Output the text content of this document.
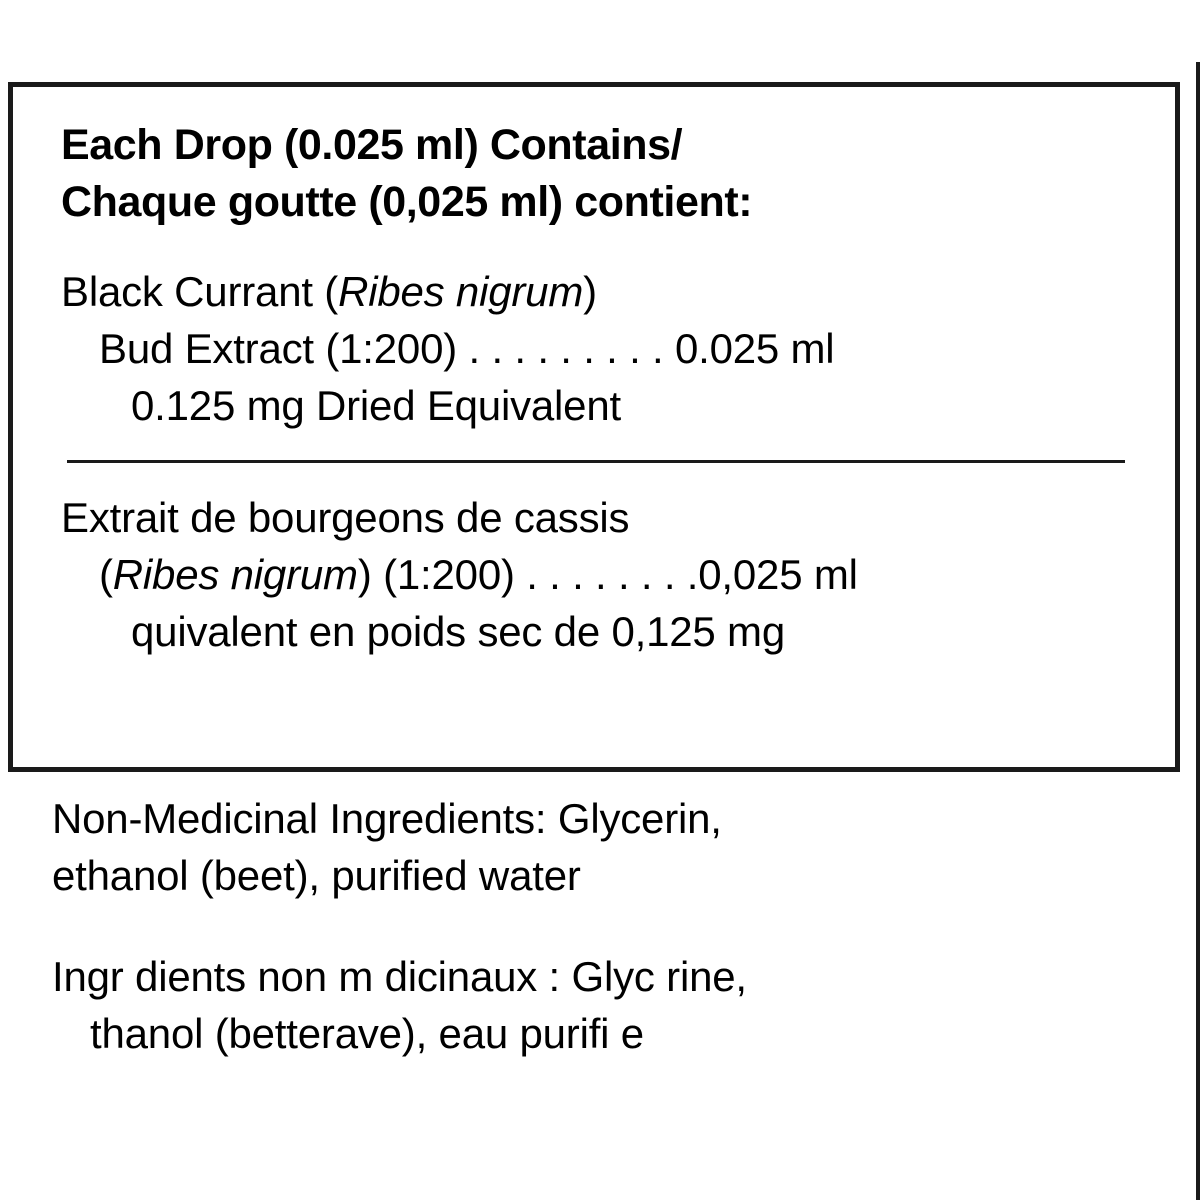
Each Drop (0.025 ml) Contains/
Chaque goutte (0,025 ml) contient:
Black Currant (Ribes nigrum)
Bud Extract (1:200) . . . . . . . . . 0.025 ml
0.125 mg Dried Equivalent
Extrait de bourgeons de cassis
(Ribes nigrum) (1:200) . . . . . . . .0,025 ml
quivalent en poids sec de 0,125 mg
Non-Medicinal Ingredients: Glycerin,
ethanol (beet), purified water
Ingr dients non m dicinaux : Glyc rine,
thanol (betterave), eau purifi e
